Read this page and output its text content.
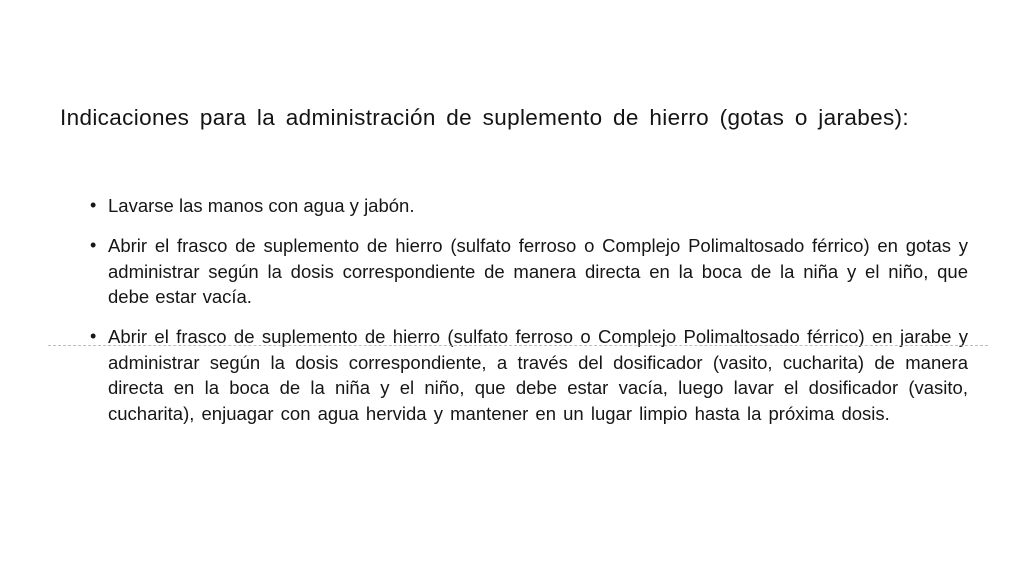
Indicaciones para la administración de suplemento de hierro (gotas o jarabes):
• Lavarse las manos con agua y jabón.
• Abrir el frasco de suplemento de hierro (sulfato ferroso o Complejo Polimaltosado férrico) en gotas y administrar según la dosis correspondiente de manera directa en la boca de la niña y el niño, que debe estar vacía.
• Abrir el frasco de suplemento de hierro (sulfato ferroso o Complejo Polimaltosado férrico) en jarabe y administrar según la dosis correspondiente, a través del dosificador (vasito, cucharita) de manera directa en la boca de la niña y el niño, que debe estar vacía, luego lavar el dosificador (vasito, cucharita), enjuagar con agua hervida y mantener en un lugar limpio hasta la próxima dosis.
